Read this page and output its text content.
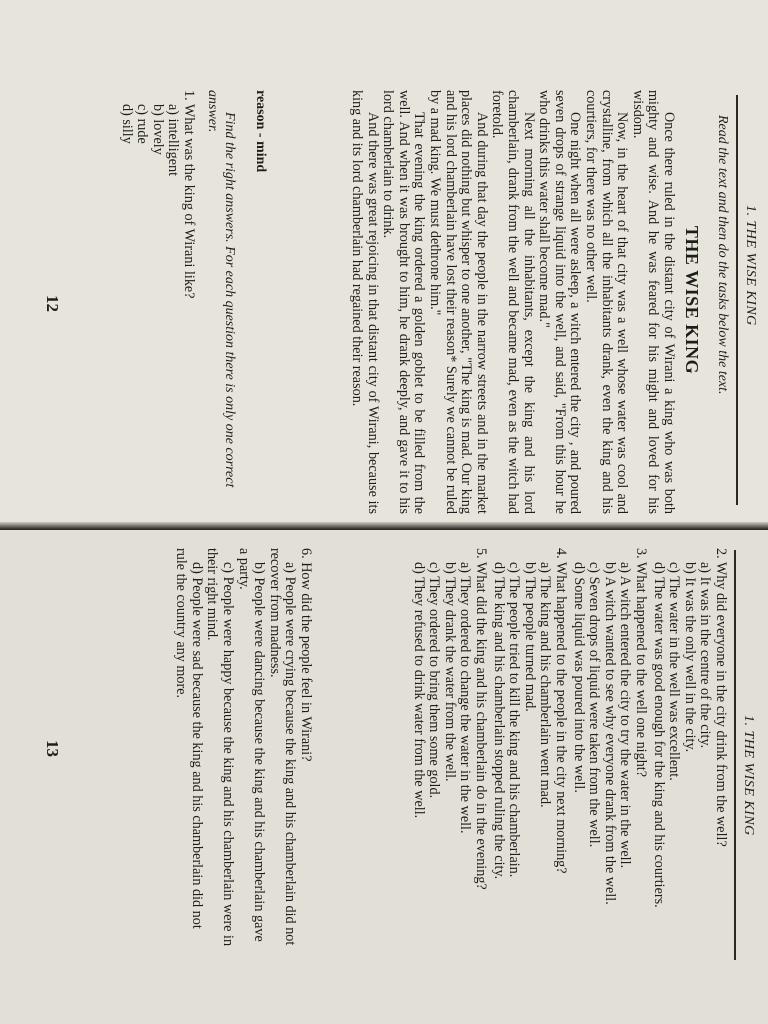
1. THE WISE KING

Read the text and then do the tasks below the text.

THE WISE KING

Once there ruled in the distant city of Wirani a king who was both mighty and wise. And he was feared for his might and loved for his wisdom.

Now, in the heart of that city was a well whose water was cool and crystalline, from which all the inhabitants drank, even the king and his courtiers, for there was no other well.

One night when all were asleep, a witch entered the city , and poured seven drops of strange liquid into the well, and said, "From this hour he who drinks this water shall become mad."

Next morning all the inhabitants, except the king and his lord chamberlain, drank from the well and became mad, even as the witch had foretold.

And during that day the people in the narrow streets and in the market places did nothing but whisper to one another, "The king is mad. Our king and his lord chamberlain have lost their reason* Surely we cannot be ruled by a mad king. We must dethrone him."

That evening the king ordered a golden goblet to be filled from the well. And when it was brought to him, he drank deeply, and gave it to his lord chamberlain to drink.

And there was great rejoicing in that distant city of Wirani, because its king and its lord chamberlain had regained their reason.

reason - mind

Find the right answers. For each question there is only one correct answer.

1. What was the king of Wirani like?
a) intelligent
b) lovely
c) rude
d) silly
12
1. THE WISE KING
2. Why did everyone in the city drink from the well?
a) It was in the centre of the city.
b) It was the only well in the city.
c) The water in the well was excellent.
d) The water was good enough for the king and his courtiers.
3. What happened to the well one night?
a) A witch entered the city to try the water in the well.
b) A witch wanted to see why everyone drank from the well.
c) Seven drops of liquid were taken from the well.
d) Some liquid was poured into the well.
4. What happened to the people in the city next morning?
a) The king and his chamberlain went mad.
b) The people turned mad.
c) The people tried to kill the king and his chamberlain.
d) The king and his chamberlain stopped ruling the city.
5. What did the king and his chamberlain do in the evening?
a) They ordered to change the water in the well.
b) They drank the water from the well.
c) They ordered to bring them some gold.
d) They refused to drink water from the well.
6. How did the people feel in Wirani?
a) People were crying because the king and his chamberlain did not recover from madness.
b) People were dancing because the king and his chamberlain gave a party.
c) People were happy because the king and his chamberlain were in their right mind.
d) People were sad because the king and his chamberlain did not rule the country any more.
13
